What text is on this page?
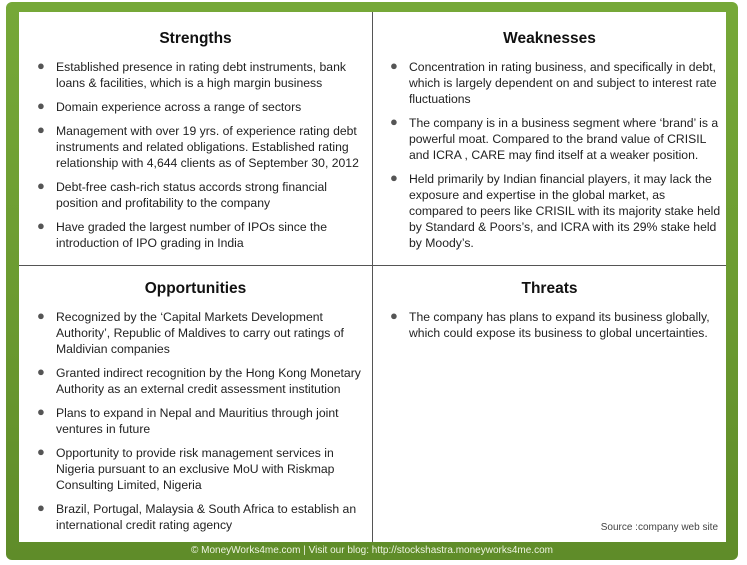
Strengths
● Established presence in rating debt instruments, bank loans & facilities, which is a high margin business
● Domain experience across a range of sectors
● Management with over 19 yrs. of experience rating debt instruments and related obligations. Established rating relationship with 4,644 clients as of September 30, 2012
● Debt-free cash-rich status accords strong financial position and profitability to the company
● Have graded the largest number of IPOs since the introduction of IPO grading in India
Weaknesses
● Concentration in rating business, and specifically in debt, which is largely dependent on and subject to interest rate fluctuations
● The company is in a business segment where ‘brand’ is a powerful moat. Compared to the brand value of CRISIL and ICRA , CARE may find itself at a weaker position.
● Held primarily by Indian financial players, it may lack the exposure and expertise in the global market, as compared to peers like CRISIL with its majority stake held by Standard & Poors’s, and ICRA with its 29% stake held by Moody’s.
Opportunities
● Recognized by the ‘Capital Markets Development Authority’, Republic of Maldives to carry out ratings of Maldivian companies
● Granted indirect recognition by the Hong Kong Monetary Authority as an external credit assessment institution
● Plans to expand in Nepal and Mauritius through joint ventures in future
● Opportunity to provide risk management services in Nigeria pursuant to an exclusive MoU with Riskmap Consulting Limited, Nigeria
● Brazil, Portugal, Malaysia & South Africa to establish an international credit rating agency
Threats
● The company has plans to expand its business globally, which could expose its business to global uncertainties.
Source :company web site
© MoneyWorks4me.com | Visit our blog: http://stockshastra.moneyworks4me.com
